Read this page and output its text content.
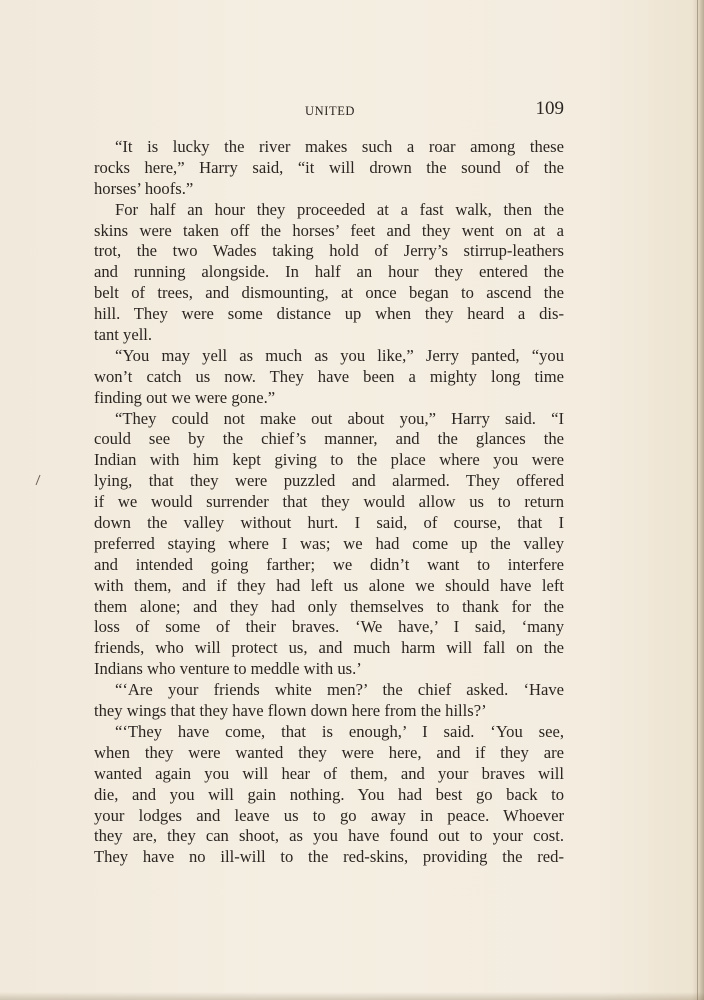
UNITED	109
“It is lucky the river makes such a roar among these
rocks here,” Harry said, “it will drown the sound of the
horses’ hoofs.”
For half an hour they proceeded at a fast walk, then the
skins were taken off the horses’ feet and they went on at a
trot, the two Wades taking hold of Jerry’s stirrup-leathers
and running alongside. In half an hour they entered the
belt of trees, and dismounting, at once began to ascend the
hill. They were some distance up when they heard a dis-
tant yell.
“You may yell as much as you like,” Jerry panted, “you
won’t catch us now. They have been a mighty long time
finding out we were gone.”
“They could not make out about you,” Harry said. “I
could see by the chief’s manner, and the glances the
Indian with him kept giving to the place where you were
lying, that they were puzzled and alarmed. They offered
if we would surrender that they would allow us to return
down the valley without hurt. I said, of course, that I
preferred staying where I was; we had come up the valley
and intended going farther; we didn’t want to interfere
with them, and if they had left us alone we should have left
them alone; and they had only themselves to thank for the
loss of some of their braves. ‘We have,’ I said, ‘many
friends, who will protect us, and much harm will fall on the
Indians who venture to meddle with us.’
“‘Are your friends white men?’ the chief asked. ‘Have
they wings that they have flown down here from the hills?’
“‘They have come, that is enough,’ I said. ‘You see,
when they were wanted they were here, and if they are
wanted again you will hear of them, and your braves will
die, and you will gain nothing. You had best go back to
your lodges and leave us to go away in peace. Whoever
they are, they can shoot, as you have found out to your cost.
They have no ill-will to the red-skins, providing the red-
